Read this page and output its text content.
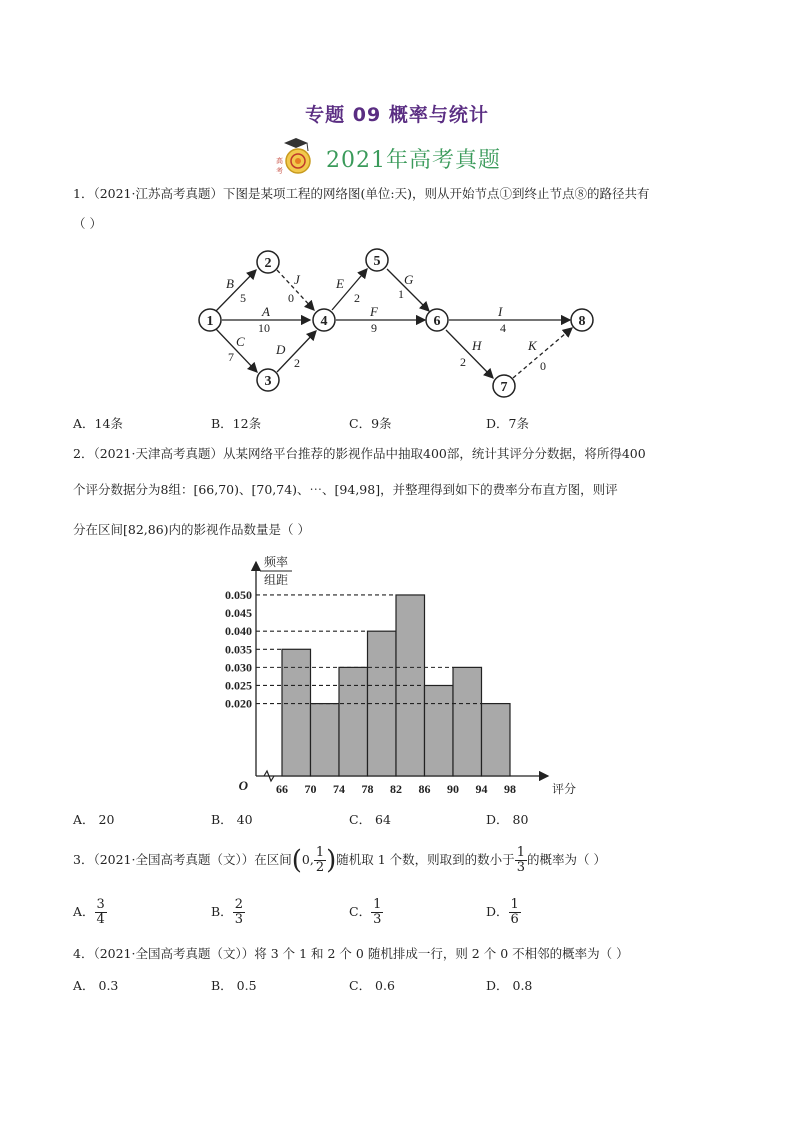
专题 09 概率与统计
高
考 2021年高考真题
1．（2021·江苏高考真题）下图是某项工程的网络图(单位:天)，则从开始节点①到终止节点⑧的路径共有
（ ）
B
A
C
J
D
E
F
G
I
H	K
5
10
7
0
2
2
9
1
4
2	0
1
2
3
4
5
6
7
8
A．14条	B．12条	C．9条	D．7条
2．（2021·天津高考真题）从某网络平台推荐的影视作品中抽取400部，统计其评分分数据，将所得400
个评分数据分为8组：[66,70)、[70,74)、⋯、[94,98]，并整理得到如下的费率分布直方图，则评
分在区间[82,86)内的影视作品数量是（ ）
0.050
0.045
0.040
0.035
0.030
0.025
0.020
66 70 74 78 82 86 90 94 98
O	评分
频率
组距
A． 20	B． 40	C． 64	D． 80
3．（2021·全国高考真题（文））在区间(0, $\frac{1}{2}$ )随机取 1 个数，则取到的数小于 $\frac{1}{3}$ 的概率为（ ）
A． $\frac{3}{4}$	B． $\frac{2}{3}$	C． $\frac{1}{3}$	D． $\frac{1}{6}$
4．（2021·全国高考真题（文））将 3 个 1 和 2 个 0 随机排成一行，则 2 个 0 不相邻的概率为（ ）
A． 0.3	B． 0.5	C． 0.6	D． 0.8
